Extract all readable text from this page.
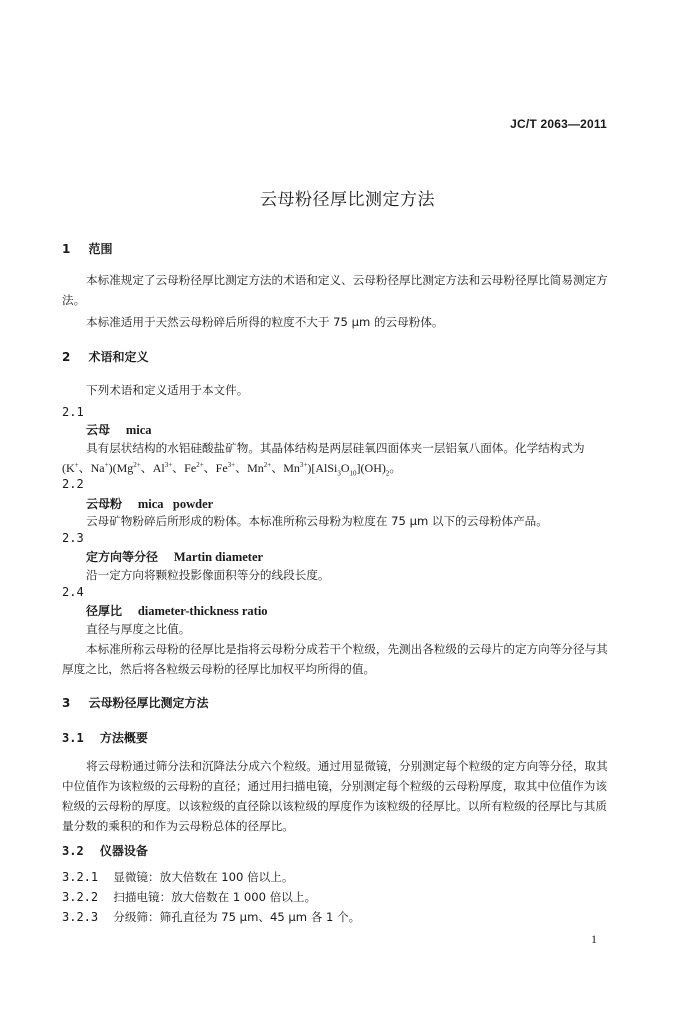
JC/T 2063—2011
云母粉径厚比测定方法
1 范围
本标准规定了云母粉径厚比测定方法的术语和定义、云母粉径厚比测定方法和云母粉径厚比简易测定方法。
本标准适用于天然云母粉碎后所得的粒度不大于 75 μm 的云母粉体。
2 术语和定义
下列术语和定义适用于本文件。
2.1
云母 mica
具有层状结构的水铝硅酸盐矿物。其晶体结构是两层硅氧四面体夹一层铝氧八面体。化学结构式为
(K+、$Na^+)(Mg^{2+}$、$Al^{3+}$、$Fe^{2+}$、$Fe^{3+}$、$Mn^{2+}$、$Mn^{3+})[AlSi_3O_{10}](OH)_2$。
2.2
云母粉 mica   powder
云母矿物粉碎后所形成的粉体。本标准所称云母粉为粒度在 75 μm 以下的云母粉体产品。
2.3
定方向等分径 Martin diameter
沿一定方向将颗粒投影像面积等分的线段长度。
2.4
径厚比 diameter-thickness ratio
直径与厚度之比值。
本标准所称云母粉的径厚比是指将云母粉分成若干个粒级，先测出各粒级的云母片的定方向等分径与其厚度之比，然后将各粒级云母粉的径厚比加权平均所得的值。
3 云母粉径厚比测定方法
3.1 方法概要
将云母粉通过筛分法和沉降法分成六个粒级。通过用显微镜，分别测定每个粒级的定方向等分径，取其中位值作为该粒级的云母粉的直径；通过用扫描电镜，分别测定每个粒级的云母粉厚度，取其中位值作为该粒级的云母粉的厚度。以该粒级的直径除以该粒级的厚度作为该粒级的径厚比。以所有粒级的径厚比与其质量分数的乘积的和作为云母粉总体的径厚比。
3.2 仪器设备
3.2.1 显微镜：放大倍数在 100 倍以上。
3.2.2 扫描电镜：放大倍数在 1 000 倍以上。
3.2.3 分级筛：筛孔直径为 75 μm、45 μm 各 1 个。
1
